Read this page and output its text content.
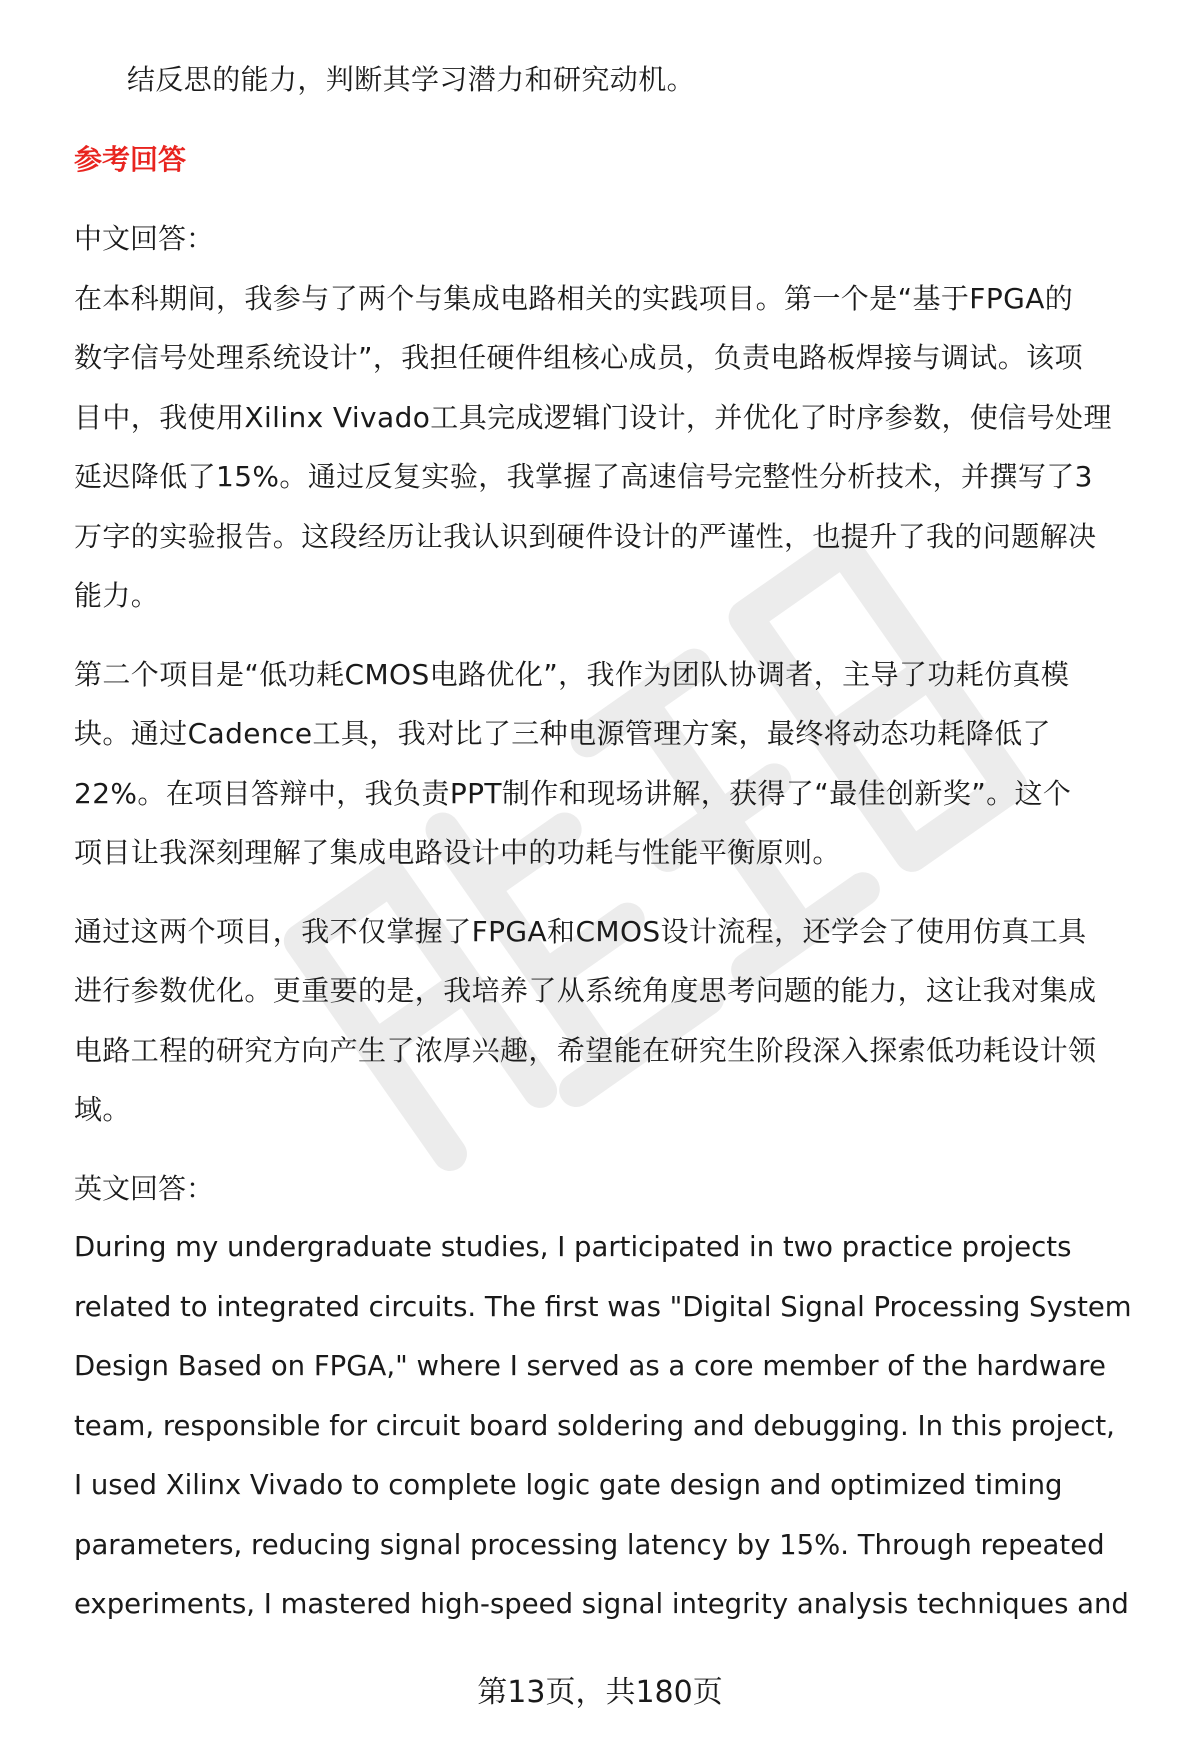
结反思的能力，判断其学习潜力和研究动机。
参考回答
中文回答：
在本科期间，我参与了两个与集成电路相关的实践项目。第一个是“基于FPGA的
数字信号处理系统设计”，我担任硬件组核心成员，负责电路板焊接与调试。该项
目中，我使用Xilinx Vivado工具完成逻辑门设计，并优化了时序参数，使信号处理
延迟降低了15%。通过反复实验，我掌握了高速信号完整性分析技术，并撰写了3
万字的实验报告。这段经历让我认识到硬件设计的严谨性，也提升了我的问题解决
能力。
第二个项目是“低功耗CMOS电路优化”，我作为团队协调者，主导了功耗仿真模
块。通过Cadence工具，我对比了三种电源管理方案，最终将动态功耗降低了
22%。在项目答辩中，我负责PPT制作和现场讲解，获得了“最佳创新奖”。这个
项目让我深刻理解了集成电路设计中的功耗与性能平衡原则。
通过这两个项目，我不仅掌握了FPGA和CMOS设计流程，还学会了使用仿真工具
进行参数优化。更重要的是，我培养了从系统角度思考问题的能力，这让我对集成
电路工程的研究方向产生了浓厚兴趣，希望能在研究生阶段深入探索低功耗设计领
域。
英文回答：
During my undergraduate studies, I participated in two practice projects
related to integrated circuits. The first was "Digital Signal Processing System
Design Based on FPGA," where I served as a core member of the hardware
team, responsible for circuit board soldering and debugging. In this project,
I used Xilinx Vivado to complete logic gate design and optimized timing
parameters, reducing signal processing latency by 15%. Through repeated
experiments, I mastered high-speed signal integrity analysis techniques and
第13页，共180页
